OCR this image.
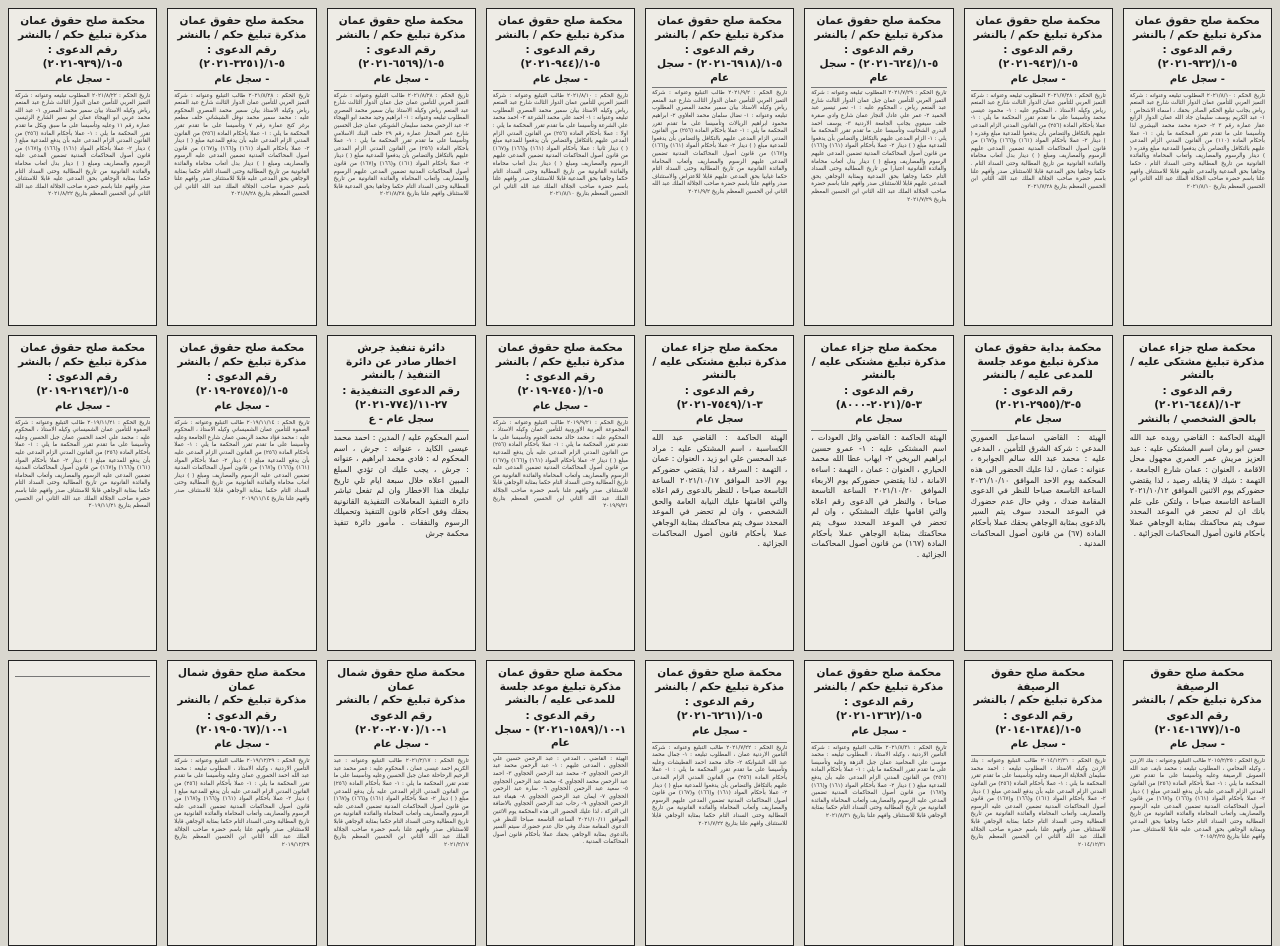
محكمة صلح حقوق عمان
مذكرة تبليغ حكم / بالنشر
رقم الدعوى : ٥-١/(٩٣٢-٢٠٢١)
- سجل عام
تاريخ الحكم : ٢٠٢١/٨/١٠ المطلوب تبليغه وعنوانه : شركة التميز العربي للتأمين عمان الدوار الثالث شارع عبد المنعم رياض بجانب تبليغ الحكم الصادر بحقك ، اسماء الاشخاص : ١- عبد الكريم يوسف سليمان جاد الله عمان الدوار الرابع عقار عمارة رقم ٣ ٢- حمزة محمد محمد البيشري لذا وتأسيسا على ما تقدم تقرر المحكمة ما يلي : ١- عملا بأحكام المادة (١١٠) من القانون المدني الزام المدعى عليهم بالتكافل والتضامن بأن يدفعوا للمدعية مبلغ وقدره ( ) دينار والرسوم والمصاريف وأتعاب المحاماة وبالفائدة القانونية من تاريخ المطالبة وحتى السداد التام ، حكما وجاهيا بحق المدعية والمدعى عليهم قابلا للاستئناف وافهم علنا باسم حضرة صاحب الجلالة الملك عبد الله الثاني ابن الحسين المعظم بتاريخ ٢٠٢١/٨/١٠
محكمة صلح حقوق عمان
مذكرة تبليغ حكم / بالنشر
رقم الدعوى : ٥-١/(٩٤٣-٢٠٢١)
- سجل عام
تاريخ الحكم : ٢٠٢١/٧/٢٨ المطلوب تبليغه وعنوانه : شركة التميز العربي للتأمين عمان الدوار الثالث شارع عبد المنعم رياض وكيله الاستاذ ، المحكوم عليه : ١- محمود عيسى محمد وتأسيسا على ما تقدم تقرر المحكمة ما يلي : ١- عملا بأحكام المادة (٢٥٦) من القانون المدني الزام المدعى عليهم بالتكافل والتضامن بأن يدفعوا للمدعية مبلغ وقدره ( ) دينار ٢- عملا بأحكام المواد (١٦١) و(١٦٦) و(١٦٧) من قانون أصول المحاكمات المدنية تضمين المدعى عليهم الرسوم والمصاريف ومبلغ ( ) دينار بدل أتعاب محاماة والفائدة القانونية من تاريخ المطالبة وحتى السداد التام . حكما وجاهيا بحق المدعية قابلا للاستئناف صدر وأفهم علنا باسم حضرة صاحب الجلالة الملك عبد الله الثاني ابن الحسين المعظم بتاريخ ٢٠٢١/٧/٢٨
محكمة صلح حقوق عمان
مذكرة تبليغ حكم / بالنشر
رقم الدعوى : ٥-١/(٦٢٤-٢٠٢١) - سجل عام
تاريخ الحكم : ٢٠٢١/٧/٢٩ المطلوب تبليغه وعنوانه : شركة التميز العربي للتأمين عمان جبل عمان الدوار الثالث شارع عبد المنعم رياض ، المحكوم عليه : ١- نصر تيسير عبد الحميد ٢- عمر علي عادل النجار عمان شارع وادي صقرة خلف سيفوي بجانب الجامعة الاردنية ٣- يوسف احمد البدري الشحاتيت وتأسيسا على ما تقدم تقرر المحكمة ما يلي : ١- الزام المدعى عليهم بالتكافل والتضامن بأن يدفعوا للمدعية مبلغ ( ) دينار ٢- عملا بأحكام المواد (١٦١) و(١٦٦) من قانون أصول المحاكمات المدنية تضمين المدعى عليهم الرسوم والمصاريف ومبلغ ( ) دينار بدل أتعاب محاماة والفائدة القانونية اعتبارا من تاريخ المطالبة وحتى السداد التام حكما وجاهيا بحق المدعية وبمثابة الوجاهي بحق المدعى عليهم قابلا للاستئناف صدر وافهم علنا باسم حضرة صاحب الجلالة الملك عبد الله الثاني ابن الحسين المعظم بتاريخ ٢٠٢١/٧/٢٩
محكمة صلح حقوق عمان
مذكرة تبليغ حكم / بالنشر
رقم الدعوى : ٥-١/(٦٩١٨-٢٠٢١) - سجل عام
تاريخ الحكم : ٢٠٢١/٩/٢ طالب التبليغ وعنوانه : شركة التميز العربي للتأمين عمان الدوار الثالث شارع عبد المنعم رياض وكيله الاستاذ بيان سمير محمد المصري المطلوب تبليغه وعنوانه : ١- نضال سلمان محمد العلاوي ٢- ابراهيم محمود ابراهيم الريالات وتأسيسا على ما تقدم تقرر المحكمة ما يلي : ١- عملا بأحكام المادة (٢٥٦) من القانون المدني الزام المدعى عليهم بالتكافل والتضامن بأن يدفعوا للمدعية مبلغ ( ) دينار ٢- عملا بأحكام المواد (١٦١) و(١٦٦) و(١٦٧) من قانون أصول المحاكمات المدنية تضمين المدعى عليهم الرسوم والمصاريف وأتعاب المحاماة والفائدة القانونية من تاريخ المطالبة وحتى السداد التام حكما غيابيا بحق المدعى عليهم قابلا للاعتراض والاستئناف صدر وافهم علنا باسم حضرة صاحب الجلالة الملك عبد الله الثاني ابن الحسين المعظم بتاريخ ٢٠٢١/٩/٢
محكمة صلح حقوق عمان
مذكرة تبليغ حكم / بالنشر
رقم الدعوى : ٥-١/(٩٤٤-٢٠٢١)
- سجل عام
تاريخ الحكم : ٢٠٢١/٨/١٠ طالب التبليغ وعنوانه : شركة التميز العربي للتأمين عمان الدوار الثالث شارع عبد المنعم رياض وكيله الاستاذ بيان سمير محمد المصري المطلوب تبليغه وعنوانه : ١- احمد علي محمد الشرعة ٢- احمد محمد علي الشرعة وتأسيسا على ما تقدم تقرر المحكمة ما يلي : اولا : عملا بأحكام المادة (٢٥٦) من القانون المدني الزام المدعى عليهم بالتكافل والتضامن بأن يدفعوا للمدعية مبلغ ( ) دينار ثانيا : عملا بأحكام المواد (١٦١) و(١٦٦) و(١٦٧) من قانون أصول المحاكمات المدنية تضمين المدعى عليهم الرسوم والمصاريف ومبلغ ( ) دينار بدل أتعاب محاماة والفائدة القانونية من تاريخ المطالبة وحتى السداد التام حكما وجاهيا بحق المدعية قابلا للاستئناف صدر وافهم علنا باسم حضرة صاحب الجلالة الملك عبد الله الثاني ابن الحسين المعظم بتاريخ ٢٠٢١/٨/١٠
محكمة صلح حقوق عمان
مذكرة تبليغ حكم / بالنشر
رقم الدعوى : ٥-١/(٦٥٦٩-٢٠٢١)
- سجل عام
تاريخ الحكم : ٢٠٢١/٨/٢٨ طالب التبليغ وعنوانه : شركة التميز العربي للتأمين عمان جبل عمان الدوار الثالث شارع عبد المنعم رياض وكيله الاستاذ بيان سمير محمد المصري المطلوب تبليغه وعنوانه : ١- ابراهيم وحيد محمد ابو الهيجاء ٢- عبد الرحمن محمد سليمان الشوبكي عمان جبل الحسين شارع عمر المختار عمارة رقم ٢٩ خلف البنك الاسلامي وتأسيسا على ما تقدم تقرر المحكمة ما يلي : ١- عملا بأحكام المادة (٢٥٦) من القانون المدني الزام المدعى عليهم بالتكافل والتضامن بأن يدفعوا للمدعية مبلغ ( ) دينار ٢- عملا بأحكام المواد (١٦١) و(١٦٦) و(١٦٧) من قانون أصول المحاكمات المدنية تضمين المدعى عليهم الرسوم والمصاريف وأتعاب المحاماة والفائدة القانونية من تاريخ المطالبة وحتى السداد التام حكما وجاهيا بحق المدعية قابلا للاستئناف وافهم علنا بتاريخ ٢٠٢١/٨/٢٨
محكمة صلح حقوق عمان
مذكرة تبليغ حكم / بالنشر
رقم الدعوى : ٥-١/(٣٢٥١-٢٠٢١)
- سجل عام
تاريخ الحكم : ٢٠٢١/٨/٢٨ طالب التبليغ وعنوانه : شركة التميز العربي للتأمين عمان الدوار الثالث شارع عبد المنعم رياض وكيله الاستاذ بيان سمير محمد المصري المحكوم عليه : محمد سمير محمد نوفل الشيشاني خلف مطعم برغر كنج عمارة رقم ٧ وتأسيسا على ما تقدم تقرر المحكمة ما يلي : ١- عملا بأحكام المادة (٢٥٦) من القانون المدني الزام المدعى عليه بأن يدفع للمدعية مبلغ ( ) دينار ٢- عملا بأحكام المواد (١٦١) و(١٦٦) و(١٦٧) من قانون أصول المحاكمات المدنية تضمين المدعى عليه الرسوم والمصاريف ومبلغ ( ) دينار بدل أتعاب محاماة والفائدة القانونية من تاريخ المطالبة وحتى السداد التام حكما بمثابة الوجاهي بحق المدعى عليه قابلا للاستئناف صدر وافهم علنا باسم حضرة صاحب الجلالة الملك عبد الله الثاني ابن الحسين المعظم بتاريخ ٢٠٢١/٨/٢٨
محكمة صلح حقوق عمان
مذكرة تبليغ حكم / بالنشر
رقم الدعوى : ٥-١/(٩٣٩-٢٠٢١)
- سجل عام
تاريخ الحكم : ٢٠٢١/٨/٢٢ المطلوب تبليغه وعنوانه : شركة التميز العربي للتأمين عمان الدوار الثالث شارع عبد المنعم رياض وكيله الاستاذ بيان سمير محمد المصري ١- عبد الله محمد عربي ابو الهيجاء عمان ابو نصير الشارع الرئيسي عمارة رقم ١١ وعليه وتأسيسا على ما سبق وبكل ما تقدم تقرر المحكمة ما يلي : ١- عملا بأحكام المادة (٢٥٦) من القانون المدني الزام المدعى عليه بأن يدفع للمدعية مبلغ ( ) دينار ٢- عملا بأحكام المواد (١٦١) و(١٦٦) و(١٦٧) من قانون أصول المحاكمات المدنية تضمين المدعى عليه الرسوم والمصاريف ومبلغ ( ) دينار بدل أتعاب محاماة والفائدة القانونية من تاريخ المطالبة وحتى السداد التام حكما بمثابة الوجاهي بحق المدعى عليه قابلا للاستئناف صدر وافهم علنا باسم حضرة صاحب الجلالة الملك عبد الله الثاني ابن الحسين المعظم بتاريخ ٢٠٢١/٨/٢٢
محكمة صلح جزاء عمان
مذكرة تبليغ مشتكى عليه / بالنشر
رقم الدعوى : ٣-١/(٦٤٤٨-٢٠٢١)
بالحق الشخصي / بالنشر
الهيئة الحاكمة : القاضي رويده عبد الله حسن ابو رمان اسم المشتكى عليه : عبد العزيز مريش عمر العمري مجهول محل الاقامة ، العنوان : عمان شارع الجامعة ، التهمة : شيك لا يقابله رصيد ، لذا يقتضي حضوركم يوم الاثنين الموافق ٢٠٢١/١٠/١٢ الساعة التاسعة صباحا ، ولتكن على علم بانك ان لم تحضر في الموعد المحدد سوف يتم محاكمتك بمثابة الوجاهي عملا بأحكام قانون أصول المحاكمات الجزائية .
محكمة بداية حقوق عمان
مذكرة تبليغ موعد جلسة للمدعى عليه / بالنشر
رقم الدعوى : ٥-٣/(٢٩٥٥-٢٠٢١)
سجل عام
الهيئة : القاضي اسماعيل العموري المدعي : شركة الشرق للتأمين ، المدعى عليه : محمد عبد الله سالم الجوابرة ، عنوانه : عمان ، لذا عليك الحضور الى هذه المحكمة يوم الاحد الموافق ٢٠٢١/١٠/١٠ الساعة التاسعة صباحا للنظر في الدعوى المقامة ضدك ، وفي حال عدم حضورك في الموعد المحدد سوف يتم السير بالدعوى بمثابة الوجاهي بحقك عملا بأحكام المادة (٦٧) من قانون أصول المحاكمات المدنية .
محكمة صلح جزاء عمان
مذكرة تبليغ مشتكى عليه / بالنشر
رقم الدعوى : ٣-٥/(٢٠٢١-٨٠٠٠)
سجل عام
الهيئة الحاكمة : القاضي وائل العودات ، اسم المشتكى عليه : ١- عمرو حسين ابراهيم البريخي ٢- ايهاب عطا الله محمد الحياري ، العنوان : عمان ، التهمة : اساءة الامانة ، لذا يقتضي حضوركم يوم الاربعاء الموافق ٢٠٢١/١٠/٢٠ الساعة التاسعة صباحا ، والنظر في الدعوى رقم اعلاه والتي اقامها عليك المشتكي ، وان لم تحضر في الموعد المحدد سوف يتم محاكمتك بمثابة الوجاهي عملا بأحكام المادة (١٦٧) من قانون أصول المحاكمات الجزائية .
محكمة صلح جزاء عمان
مذكرة تبليغ مشتكى عليه / بالنشر
رقم الدعوى : ٣-١/(٧٥٤٩-٢٠٢١)
سجل عام
الهيئة الحاكمة : القاضي عبد الله الكساسبة ، اسم المشتكى عليه : مراد عبد المحسن علي ابو زيد ، العنوان : عمان ، التهمة : السرقة ، لذا يقتضي حضوركم يوم الاحد الموافق ٢٠٢١/١٠/١٧ الساعة التاسعة صباحا ، للنظر بالدعوى رقم اعلاه والتي اقامتها عليك النيابة العامة والحق الشخصي ، وان لم تحضر في الموعد المحدد سوف يتم محاكمتك بمثابة الوجاهي عملا بأحكام قانون أصول المحاكمات الجزائية .
محكمة صلح حقوق عمان
مذكرة تبليغ حكم / بالنشر
رقم الدعوى : ٥-١/(٧٤٥٠-٢٠١٩)
- سجل عام
تاريخ الحكم : ٢٠١٩/٩/٢١ طالب التبليغ وعنوانه : شركة المجموعة العربية الاوروبية للتأمين عمان وكيله الاستاذ ، المحكوم عليه : محمد خالد محمد العتوم وتأسيسا على ما تقدم تقرر المحكمة ما يلي : ١- عملا بأحكام المادة (٢٥٦) من القانون المدني الزام المدعى عليه بأن يدفع للمدعية مبلغ ( ) دينار ٢- عملا بأحكام المواد (١٦١) و(١٦٦) و(١٦٧) من قانون أصول المحاكمات المدنية تضمين المدعى عليه الرسوم والمصاريف وأتعاب المحاماة والفائدة القانونية من تاريخ المطالبة وحتى السداد التام حكما بمثابة الوجاهي قابلا للاستئناف صدر وافهم علنا باسم حضرة صاحب الجلالة الملك عبد الله الثاني ابن الحسين المعظم بتاريخ ٢٠١٩/٩/٢١
دائرة تنفيذ جرش
اخطار صادر عن دائرة التنفيذ / بالنشر
رقم الدعوى التنفيذية : ٢٧-١١/(٧٧٤-٢٠٢١)
سجل عام - ع
اسم المحكوم عليه / المدين : احمد محمد عيسى الكايد ، عنوانه : جرش ، اسم المحكوم له : فادي محمد ابراهيم ، عنوانه : جرش ، يجب عليك ان تؤدي المبلغ المبين اعلاه خلال سبعة ايام تلي تاريخ تبليغك هذا الاخطار وان لم تفعل تباشر دائرة التنفيذ المعاملات التنفيذية القانونية بحقك وفق احكام قانون التنفيذ وتحميلك الرسوم والنفقات . مأمور دائرة تنفيذ محكمة جرش
محكمة صلح حقوق عمان
مذكرة تبليغ حكم / بالنشر
رقم الدعوى : ٥-١/(٢٥٧٤٥-٢٠١٩)
- سجل عام
تاريخ الحكم : ٢٠١٩/١١/١٤ طالب التبليغ وعنوانه : شركة الصفوة للتأمين عمان الشميساني وكيله الاستاذ ، المحكوم عليه : محمد فؤاد محمد الربضي عمان شارع الجامعة وعليه وتأسيسا على ما تقدم تقرر المحكمة ما يلي : ١- عملا بأحكام المادة (٢٥٦) من القانون المدني الزام المدعى عليه بأن يدفع للمدعية مبلغ ( ) دينار ٢- عملا بأحكام المواد (١٦١) و(١٦٦) و(١٦٧) من قانون أصول المحاكمات المدنية تضمين المدعى عليه الرسوم والمصاريف ومبلغ ( ) دينار أتعاب محاماة والفائدة القانونية من تاريخ المطالبة وحتى السداد التام حكما بمثابة الوجاهي قابلا للاستئناف صدر وافهم علنا بتاريخ ٢٠١٩/١١/١٤
محكمة صلح حقوق عمان
مذكرة تبليغ حكم / بالنشر
رقم الدعوى : ٥-١/(٢١٩٤٣-٢٠١٩)
- سجل عام
تاريخ الحكم : ٢٠١٩/١١/٢١ طالب التبليغ وعنوانه : شركة الصفوة للتأمين عمان الشميساني وكيله الاستاذ ، المحكوم عليه : محمد علي احمد الحسن عمان جبل الحسين وعليه وتأسيسا على ما تقدم تقرر المحكمة ما يلي : ١- عملا بأحكام المادة (٢٥٦) من القانون المدني الزام المدعى عليه بأن يدفع للمدعية مبلغ ( ) دينار ٢- عملا بأحكام المواد (١٦١) و(١٦٦) و(١٦٧) من قانون أصول المحاكمات المدنية تضمين المدعى عليه الرسوم والمصاريف وأتعاب المحاماة والفائدة القانونية من تاريخ المطالبة وحتى السداد التام حكما بمثابة الوجاهي قابلا للاستئناف صدر وافهم علنا باسم حضرة صاحب الجلالة الملك عبد الله الثاني ابن الحسين المعظم بتاريخ ٢٠١٩/١١/٢١
محكمة صلح حقوق الرصيفة
مذكرة تبليغ حكم / بالنشر
رقم الدعوى ٥-١/(١٦٧٧-٢٠١٤)
- سجل عام
تاريخ الحكم : ٢٠١٥/٢/٢٥ طالب التبليغ وعنوانه : بنك الاردن ، وكيله المحامي ، المطلوب تبليغه : محمد نايف عبد الله العموش الرصيفة وعليه وتأسيسا على ما تقدم تقرر المحكمة ما يلي : ١- عملا بأحكام المادة (٢٥٦) من القانون المدني الزام المدعى عليه بأن يدفع للمدعي مبلغ ( ) دينار ٢- عملا بأحكام المواد (١٦١) و(١٦٦) و(١٦٧) من قانون أصول المحاكمات المدنية تضمين المدعى عليه الرسوم والمصاريف وأتعاب المحاماة والفائدة القانونية من تاريخ المطالبة وحتى السداد التام حكما وجاهيا بحق المدعي وبمثابة الوجاهي بحق المدعى عليه قابلا للاستئناف صدر وافهم علنا بتاريخ ٢٠١٥/٢/٢٥
محكمة صلح حقوق الرصيفة
مذكرة تبليغ حكم / بالنشر
رقم الدعوى : ٥-١/(١٣٨٤-٢٠١٤)
- سجل عام
تاريخ الحكم : ٢٠١٤/١٢/٣١ طالب التبليغ وعنوانه : بنك الاردن وكيله الاستاذ ، المطلوب تبليغه : احمد محمد سليمان الخلايلة الرصيفة وعليه وتأسيسا على ما تقدم تقرر المحكمة ما يلي : ١- عملا بأحكام المادة (٢٥٦) من القانون المدني الزام المدعى عليه بأن يدفع للمدعي مبلغ ( ) دينار ٢- عملا بأحكام المواد (١٦١) و(١٦٦) و(١٦٧) من قانون أصول المحاكمات المدنية تضمين المدعى عليه الرسوم والمصاريف وأتعاب المحاماة والفائدة القانونية من تاريخ المطالبة وحتى السداد التام حكما بمثابة الوجاهي قابلا للاستئناف صدر وافهم علنا باسم حضرة صاحب الجلالة الملك عبد الله الثاني ابن الحسين المعظم بتاريخ ٢٠١٤/١٢/٣١
محكمة صلح حقوق عمان
مذكرة تبليغ حكم / بالنشر
رقم الدعوى : ٥-١/(١٣٦٢-٢٠٢١)
- سجل عام
تاريخ الحكم : ٢٠٢١/٨/٣١ طالب التبليغ وعنوانه : شركة التأمين الاردنية ، وكيله الاستاذ ، المطلوب تبليغه : محمد موسى علي المحاميد عمان جبل النزهة وعليه وتأسيسا على ما تقدم تقرر المحكمة ما يلي : ١- عملا بأحكام المادة (٢٥٦) من القانون المدني الزام المدعى عليه بأن يدفع للمدعية مبلغ ( ) دينار ٢- عملا بأحكام المواد (١٦١) و(١٦٦) و(١٦٧) من قانون أصول المحاكمات المدنية تضمين المدعى عليه الرسوم والمصاريف وأتعاب المحاماة والفائدة القانونية من تاريخ المطالبة وحتى السداد التام حكما بمثابة الوجاهي قابلا للاستئناف وافهم علنا بتاريخ ٢٠٢١/٨/٣١
محكمة صلح حقوق عمان
مذكرة تبليغ حكم / بالنشر
رقم الدعوى : ٥-١/(٦٢٦١-٢٠٢١)
- سجل عام
تاريخ الحكم : ٢٠٢١/٧/٢٢ طالب التبليغ وعنوانه : شركة التأمين الاردنية عمان ، المطلوب تبليغه : ١- جمال محمد عبد الله الشوابكة ٢- خالد محمد احمد القطيشات وعليه وتأسيسا على ما تقدم تقرر المحكمة ما يلي : ١- عملا بأحكام المادة (٢٥٦) من القانون المدني الزام المدعى عليهم بالتكافل والتضامن بأن يدفعوا للمدعية مبلغ ( ) دينار ٢- عملا بأحكام المواد (١٦١) و(١٦٦) و(١٦٧) من قانون أصول المحاكمات المدنية تضمين المدعى عليهم الرسوم والمصاريف وأتعاب المحاماة والفائدة القانونية من تاريخ المطالبة وحتى السداد التام حكما بمثابة الوجاهي قابلا للاستئناف وافهم علنا بتاريخ ٢٠٢١/٧/٢٢
محكمة صلح حقوق عمان
مذكرة تبليغ موعد جلسة للمدعى عليه / بالنشر
رقم الدعوى : ١-١٠/(١٥٨٩-٢٠٢١) - سجل عام
الهيئة : القاضي ، المدعي : عبد الرحمن حسين علي الحجاوي ، المدعى عليهم : ١- عبد الرحمن محمد عبد الرحمن الحجاوي ٢- محمد عبد الرحمن الحجاوي ٣- احمد عبد الرحمن محمد الحجاوي ٤- محمد عبد الرحمن الحجاوي ٥- سعيد عبد الرحمن الحجاوي ٦- سارة عبد الرحمن الحجاوي ٧- ايمان عبد الرحمن الحجاوي ٨- هيفاء عبد الرحمن الحجاوي ٩- رحاب عبد الرحمن الحجاوي بالاضافة الى التركة ، لذا عليك الحضور الى هذه المحكمة يوم الاثنين الموافق ٢٠٢١/١٠/١١ الساعة التاسعة صباحا للنظر في الدعوى المقامة ضدك وفي حال عدم حضورك سيتم السير بالدعوى بمثابة الوجاهي بحقك عملا بأحكام قانون أصول المحاكمات المدنية .
محكمة صلح حقوق شمال عمان
مذكرة تبليغ حكم / بالنشر
رقم الدعوى ١-١٠/(٢٠٧٠-٢٠٢٠)
- سجل عام
تاريخ الحكم : ٢٠٢١/٢/١٧ طالب التبليغ وعنوانه : عبد الكريم احمد عيسى عمان ، المحكوم عليه : عمر محمد عبد الرحيم الرحاحلة عمان جبل الحسين وعليه وتأسيسا على ما تقدم تقرر المحكمة ما يلي : ١- عملا بأحكام المادة (٢٥٦) من القانون المدني الزام المدعى عليه بأن يدفع للمدعي مبلغ ( ) دينار ٢- عملا بأحكام المواد (١٦١) و(١٦٦) و(١٦٧) من قانون أصول المحاكمات المدنية تضمين المدعى عليه الرسوم والمصاريف وأتعاب المحاماة والفائدة القانونية من تاريخ المطالبة وحتى السداد التام حكما بمثابة الوجاهي قابلا للاستئناف صدر وافهم علنا باسم حضرة صاحب الجلالة الملك عبد الله الثاني ابن الحسين المعظم بتاريخ ٢٠٢١/٢/١٧
محكمة صلح حقوق شمال عمان
مذكرة تبليغ حكم / بالنشر
رقم الدعوى : ١-١٠/(٥٠٦٧-٢٠١٩)
- سجل عام
تاريخ الحكم : ٢٠١٩/١٢/٢٩ طالب التبليغ وعنوانه : شركة التأمين الاردنية ، وكيله الاستاذ ، المطلوب تبليغه : محمد عبد الله احمد الحموري عمان وعليه وتأسيسا على ما تقدم تقرر المحكمة ما يلي : ١- عملا بأحكام المادة (٢٥٦) من القانون المدني الزام المدعى عليه بأن يدفع للمدعية مبلغ ( ) دينار ٢- عملا بأحكام المواد (١٦١) و(١٦٦) و(١٦٧) من قانون أصول المحاكمات المدنية تضمين المدعى عليه الرسوم والمصاريف وأتعاب المحاماة والفائدة القانونية من تاريخ المطالبة وحتى السداد التام حكما بمثابة الوجاهي قابلا للاستئناف صدر وافهم علنا باسم حضرة صاحب الجلالة الملك عبد الله الثاني ابن الحسين المعظم بتاريخ ٢٠١٩/١٢/٢٩
